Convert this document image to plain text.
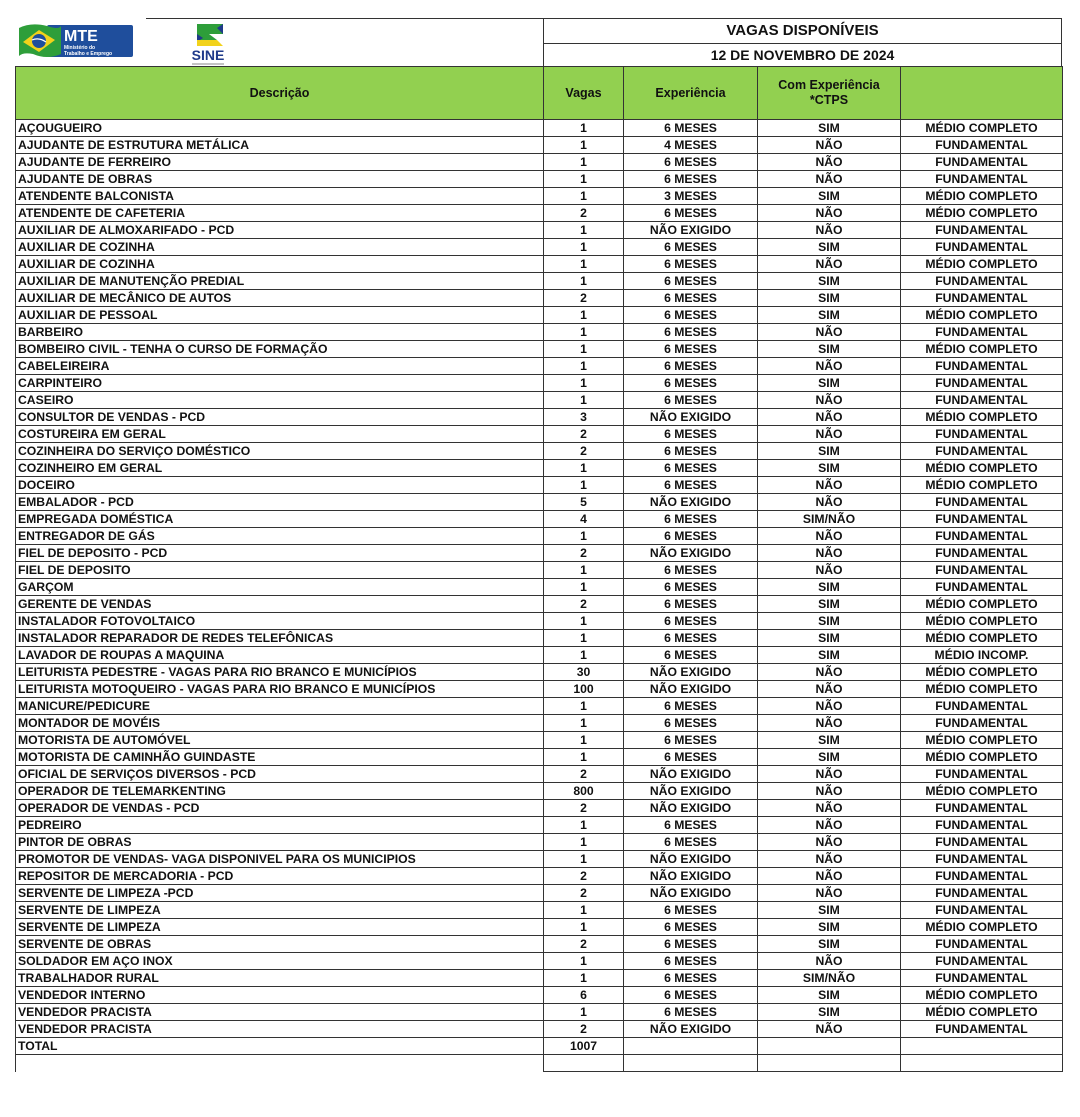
MTE
Ministério do
Trabalho e Emprego	SINE
VAGAS DISPONÍVEIS
12 DE NOVEMBRO DE 2024
Descrição	Vagas	Experiência	Com Experiência *CTPS	
AÇOUGUEIRO	1	6 MESES	SIM	MÉDIO COMPLETO
AJUDANTE DE ESTRUTURA METÁLICA	1	4 MESES	NÃO	FUNDAMENTAL
AJUDANTE DE FERREIRO	1	6 MESES	NÃO	FUNDAMENTAL
AJUDANTE DE OBRAS	1	6 MESES	NÃO	FUNDAMENTAL
ATENDENTE BALCONISTA	1	3 MESES	SIM	MÉDIO COMPLETO
ATENDENTE DE CAFETERIA	2	6 MESES	NÃO	MÉDIO COMPLETO
AUXILIAR DE ALMOXARIFADO - PCD	1	NÃO EXIGIDO	NÃO	FUNDAMENTAL
AUXILIAR DE COZINHA	1	6 MESES	SIM	FUNDAMENTAL
AUXILIAR DE COZINHA	1	6 MESES	NÃO	MÉDIO COMPLETO
AUXILIAR DE MANUTENÇÃO PREDIAL	1	6 MESES	SIM	FUNDAMENTAL
AUXILIAR DE MECÂNICO DE AUTOS	2	6 MESES	SIM	FUNDAMENTAL
AUXILIAR DE PESSOAL	1	6 MESES	SIM	MÉDIO COMPLETO
BARBEIRO	1	6 MESES	NÃO	FUNDAMENTAL
BOMBEIRO CIVIL - TENHA O CURSO DE FORMAÇÃO	1	6 MESES	SIM	MÉDIO COMPLETO
CABELEIREIRA	1	6 MESES	NÃO	FUNDAMENTAL
CARPINTEIRO	1	6 MESES	SIM	FUNDAMENTAL
CASEIRO	1	6 MESES	NÃO	FUNDAMENTAL
CONSULTOR DE VENDAS - PCD	3	NÃO EXIGIDO	NÃO	MÉDIO COMPLETO
COSTUREIRA EM GERAL	2	6 MESES	NÃO	FUNDAMENTAL
COZINHEIRA DO SERVIÇO DOMÉSTICO	2	6 MESES	SIM	FUNDAMENTAL
COZINHEIRO EM GERAL	1	6 MESES	SIM	MÉDIO COMPLETO
DOCEIRO	1	6 MESES	NÃO	MÉDIO COMPLETO
EMBALADOR - PCD	5	NÃO EXIGIDO	NÃO	FUNDAMENTAL
EMPREGADA DOMÉSTICA	4	6 MESES	SIM/NÃO	FUNDAMENTAL
ENTREGADOR DE GÁS	1	6 MESES	NÃO	FUNDAMENTAL
FIEL DE DEPOSITO - PCD	2	NÃO EXIGIDO	NÃO	FUNDAMENTAL
FIEL DE DEPOSITO	1	6 MESES	NÃO	FUNDAMENTAL
GARÇOM	1	6 MESES	SIM	FUNDAMENTAL
GERENTE DE VENDAS	2	6 MESES	SIM	MÉDIO COMPLETO
INSTALADOR FOTOVOLTAICO	1	6 MESES	SIM	MÉDIO COMPLETO
INSTALADOR REPARADOR DE REDES TELEFÔNICAS	1	6 MESES	SIM	MÉDIO COMPLETO
LAVADOR DE ROUPAS A MAQUINA	1	6 MESES	SIM	MÉDIO INCOMP.
LEITURISTA PEDESTRE - VAGAS PARA RIO BRANCO E MUNICÍPIOS	30	NÃO EXIGIDO	NÃO	MÉDIO COMPLETO
LEITURISTA MOTOQUEIRO - VAGAS PARA RIO BRANCO E MUNICÍPIOS	100	NÃO EXIGIDO	NÃO	MÉDIO COMPLETO
MANICURE/PEDICURE	1	6 MESES	NÃO	FUNDAMENTAL
MONTADOR DE MOVÉIS	1	6 MESES	NÃO	FUNDAMENTAL
MOTORISTA DE AUTOMÓVEL	1	6 MESES	SIM	MÉDIO COMPLETO
MOTORISTA DE CAMINHÃO GUINDASTE	1	6 MESES	SIM	MÉDIO COMPLETO
OFICIAL DE SERVIÇOS DIVERSOS - PCD	2	NÃO EXIGIDO	NÃO	FUNDAMENTAL
OPERADOR DE TELEMARKENTING	800	NÃO EXIGIDO	NÃO	MÉDIO COMPLETO
OPERADOR DE VENDAS - PCD	2	NÃO EXIGIDO	NÃO	FUNDAMENTAL
PEDREIRO	1	6 MESES	NÃO	FUNDAMENTAL
PINTOR DE OBRAS	1	6 MESES	NÃO	FUNDAMENTAL
PROMOTOR DE VENDAS- VAGA DISPONIVEL PARA OS MUNICIPIOS	1	NÃO EXIGIDO	NÃO	FUNDAMENTAL
REPOSITOR DE MERCADORIA - PCD	2	NÃO EXIGIDO	NÃO	FUNDAMENTAL
SERVENTE DE LIMPEZA -PCD	2	NÃO EXIGIDO	NÃO	FUNDAMENTAL
SERVENTE DE LIMPEZA	1	6 MESES	SIM	FUNDAMENTAL
SERVENTE DE LIMPEZA	1	6 MESES	SIM	MÉDIO COMPLETO
SERVENTE DE OBRAS	2	6 MESES	SIM	FUNDAMENTAL
SOLDADOR EM AÇO INOX	1	6 MESES	NÃO	FUNDAMENTAL
TRABALHADOR RURAL	1	6 MESES	SIM/NÃO	FUNDAMENTAL
VENDEDOR INTERNO	6	6 MESES	SIM	MÉDIO COMPLETO
VENDEDOR PRACISTA	1	6 MESES	SIM	MÉDIO COMPLETO
VENDEDOR PRACISTA	2	NÃO EXIGIDO	NÃO	FUNDAMENTAL
TOTAL	1007			
